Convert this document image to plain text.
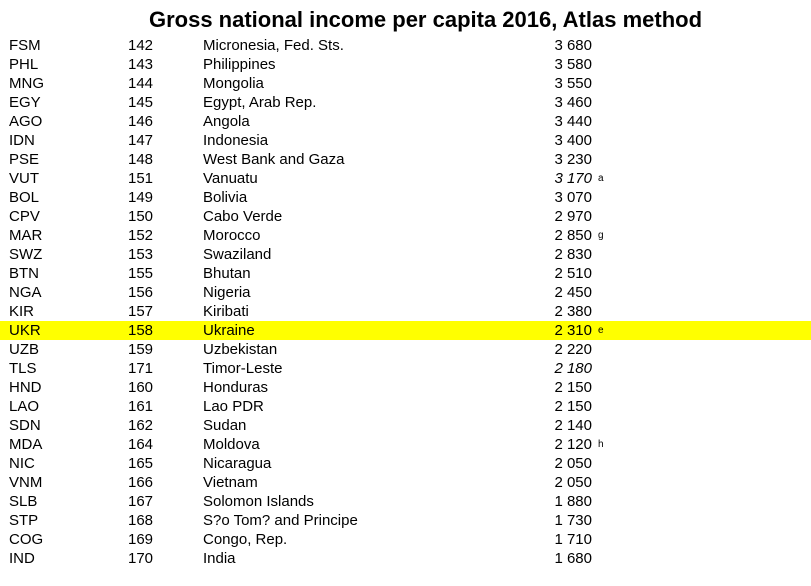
Gross national income per capita 2016, Atlas method
FSM	142	Micronesia, Fed. Sts.	3 680
PHL	143	Philippines	3 580
MNG	144	Mongolia	3 550
EGY	145	Egypt, Arab Rep.	3 460
AGO	146	Angola	3 440
IDN	147	Indonesia	3 400
PSE	148	West Bank and Gaza	3 230
VUT	151	Vanuatu	3 170 a
BOL	149	Bolivia	3 070
CPV	150	Cabo Verde	2 970
MAR	152	Morocco	2 850 g
SWZ	153	Swaziland	2 830
BTN	155	Bhutan	2 510
NGA	156	Nigeria	2 450
KIR	157	Kiribati	2 380
UKR	158	Ukraine	2 310 e
UZB	159	Uzbekistan	2 220
TLS	171	Timor-Leste	2 180
HND	160	Honduras	2 150
LAO	161	Lao PDR	2 150
SDN	162	Sudan	2 140
MDA	164	Moldova	2 120 h
NIC	165	Nicaragua	2 050
VNM	166	Vietnam	2 050
SLB	167	Solomon Islands	1 880
STP	168	S?o Tom? and Principe	1 730
COG	169	Congo, Rep.	1 710
IND	170	India	1 680
